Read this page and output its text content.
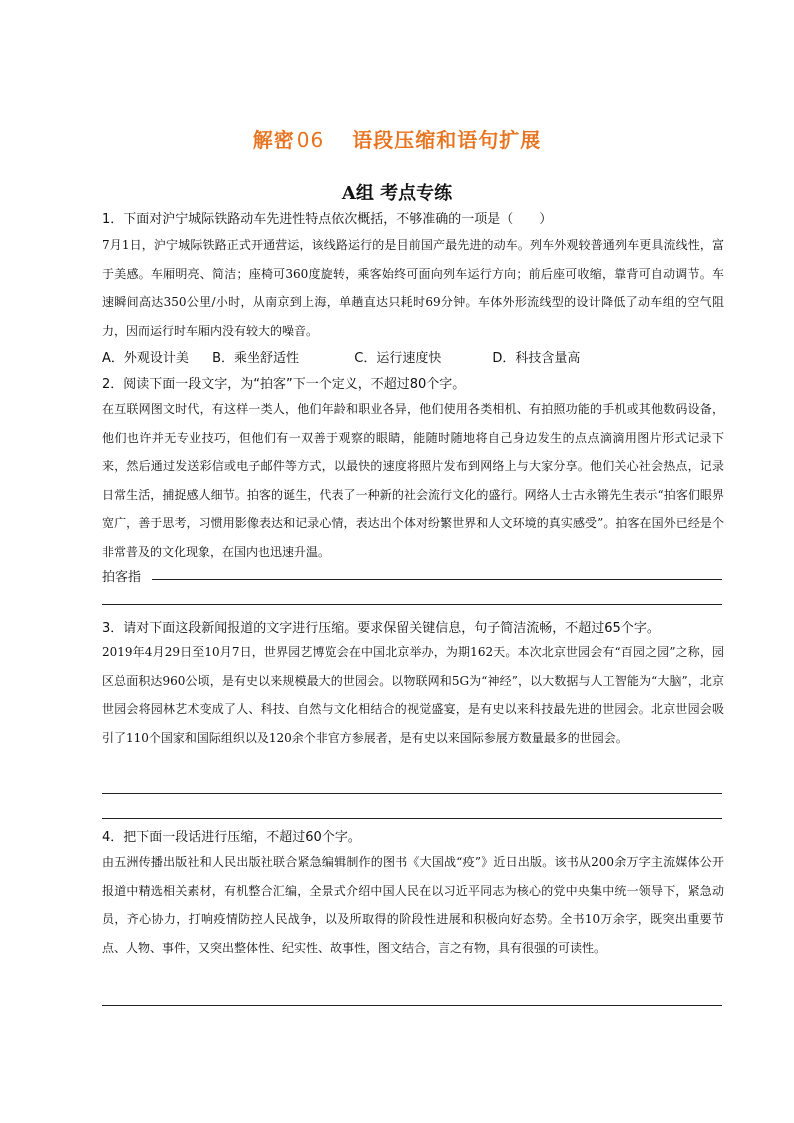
解密 06 语段压缩和语句扩展
A组 考点专练
1．下面对沪宁城际铁路动车先进性特点依次概括，不够准确的一项是（　　）
7月1日，沪宁城际铁路正式开通营运，该线路运行的是目前国产最先进的动车。列车外观较普通列车更具流线性，富于美感。车厢明亮、简洁；座椅可360度旋转，乘客始终可面向列车运行方向；前后座可收缩，靠背可自动调节。车速瞬间高达350公里/小时，从南京到上海，单趟直达只耗时69分钟。车体外形流线型的设计降低了动车组的空气阻力，因而运行时车厢内没有较大的噪音。
A．外观设计美 B．乘坐舒适性	C．运行速度快	D．科技含量高
2．阅读下面一段文字，为“拍客”下一个定义，不超过80个字。
在互联网图文时代，有这样一类人，他们年龄和职业各异，他们使用各类相机、有拍照功能的手机或其他数码设备，他们也许并无专业技巧，但他们有一双善于观察的眼睛，能随时随地将自己身边发生的点点滴滴用图片形式记录下来，然后通过发送彩信或电子邮件等方式，以最快的速度将照片发布到网络上与大家分享。他们关心社会热点，记录日常生活，捕捉感人细节。拍客的诞生，代表了一种新的社会流行文化的盛行。网络人士古永锵先生表示“拍客们眼界宽广，善于思考，习惯用影像表达和记录心情，表达出个体对纷繁世界和人文环境的真实感受”。拍客在国外已经是个非常普及的文化现象，在国内也迅速升温。
拍客指
3．请对下面这段新闻报道的文字进行压缩。要求保留关键信息，句子简洁流畅，不超过65个字。
2019年4月29日至10月7日，世界园艺博览会在中国北京举办，为期162天。本次北京世园会有“百园之园”之称，园区总面积达960公顷，是有史以来规模最大的世园会。以物联网和5G为“神经”，以大数据与人工智能为“大脑”，北京世园会将园林艺术变成了人、科技、自然与文化相结合的视觉盛宴，是有史以来科技最先进的世园会。北京世园会吸引了110个国家和国际组织以及120余个非官方参展者，是有史以来国际参展方数量最多的世园会。
4．把下面一段话进行压缩，不超过60个字。
由五洲传播出版社和人民出版社联合紧急编辑制作的图书《大国战“疫”》近日出版。该书从200余万字主流媒体公开报道中精选相关素材，有机整合汇编，全景式介绍中国人民在以习近平同志为核心的党中央集中统一领导下，紧急动员，齐心协力，打响疫情防控人民战争，以及所取得的阶段性进展和积极向好态势。全书10万余字，既突出重要节点、人物、事件，又突出整体性、纪实性、故事性，图文结合，言之有物，具有很强的可读性。
